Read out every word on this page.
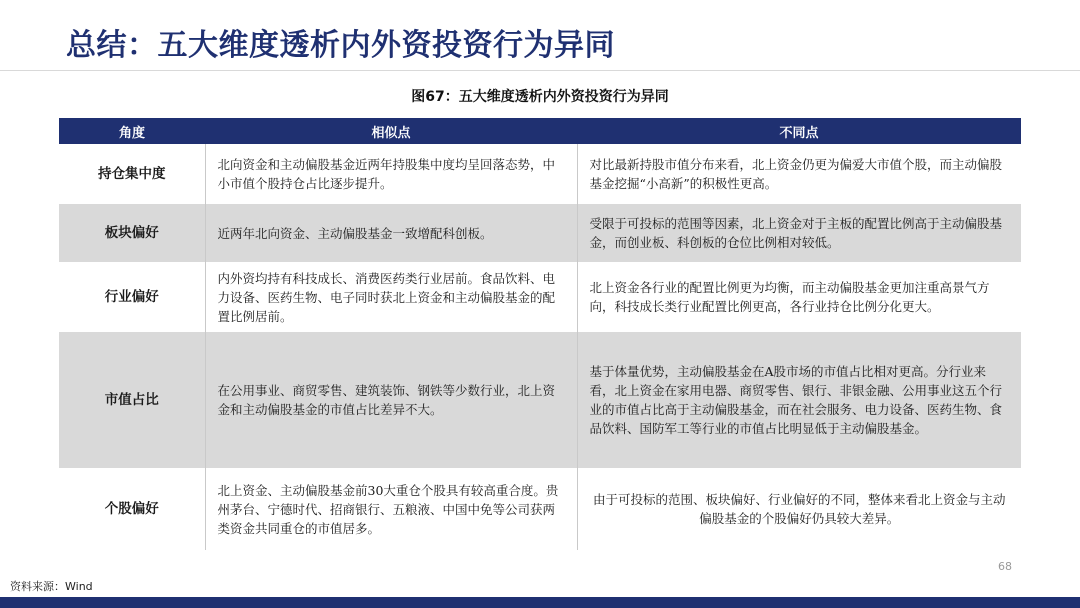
总结：五大维度透析内外资投资行为异同
图67：五大维度透析内外资投资行为异同
角度	相似点	不同点
持仓集中度	北向资金和主动偏股基金近两年持股集中度均呈回落态势，中小市值个股持仓占比逐步提升。	对比最新持股市值分布来看，北上资金仍更为偏爱大市值个股，而主动偏股基金挖掘“小高新”的积极性更高。
板块偏好	近两年北向资金、主动偏股基金一致增配科创板。	受限于可投标的范围等因素，北上资金对于主板的配置比例高于主动偏股基金，而创业板、科创板的仓位比例相对较低。
行业偏好	内外资均持有科技成长、消费医药类行业居前。食品饮料、电力设备、医药生物、电子同时获北上资金和主动偏股基金的配置比例居前。	北上资金各行业的配置比例更为均衡，而主动偏股基金更加注重高景气方向，科技成长类行业配置比例更高，各行业持仓比例分化更大。
市值占比	在公用事业、商贸零售、建筑装饰、钢铁等少数行业，北上资金和主动偏股基金的市值占比差异不大。	基于体量优势，主动偏股基金在A股市场的市值占比相对更高。分行业来看，北上资金在家用电器、商贸零售、银行、非银金融、公用事业这五个行业的市值占比高于主动偏股基金，而在社会服务、电力设备、医药生物、食品饮料、国防军工等行业的市值占比明显低于主动偏股基金。
个股偏好	北上资金、主动偏股基金前30大重仓个股具有较高重合度。贵州茅台、宁德时代、招商银行、五粮液、中国中免等公司获两类资金共同重仓的市值居多。	由于可投标的范围、板块偏好、行业偏好的不同，整体来看北上资金与主动偏股基金的个股偏好仍具较大差异。
68
资料来源：Wind
